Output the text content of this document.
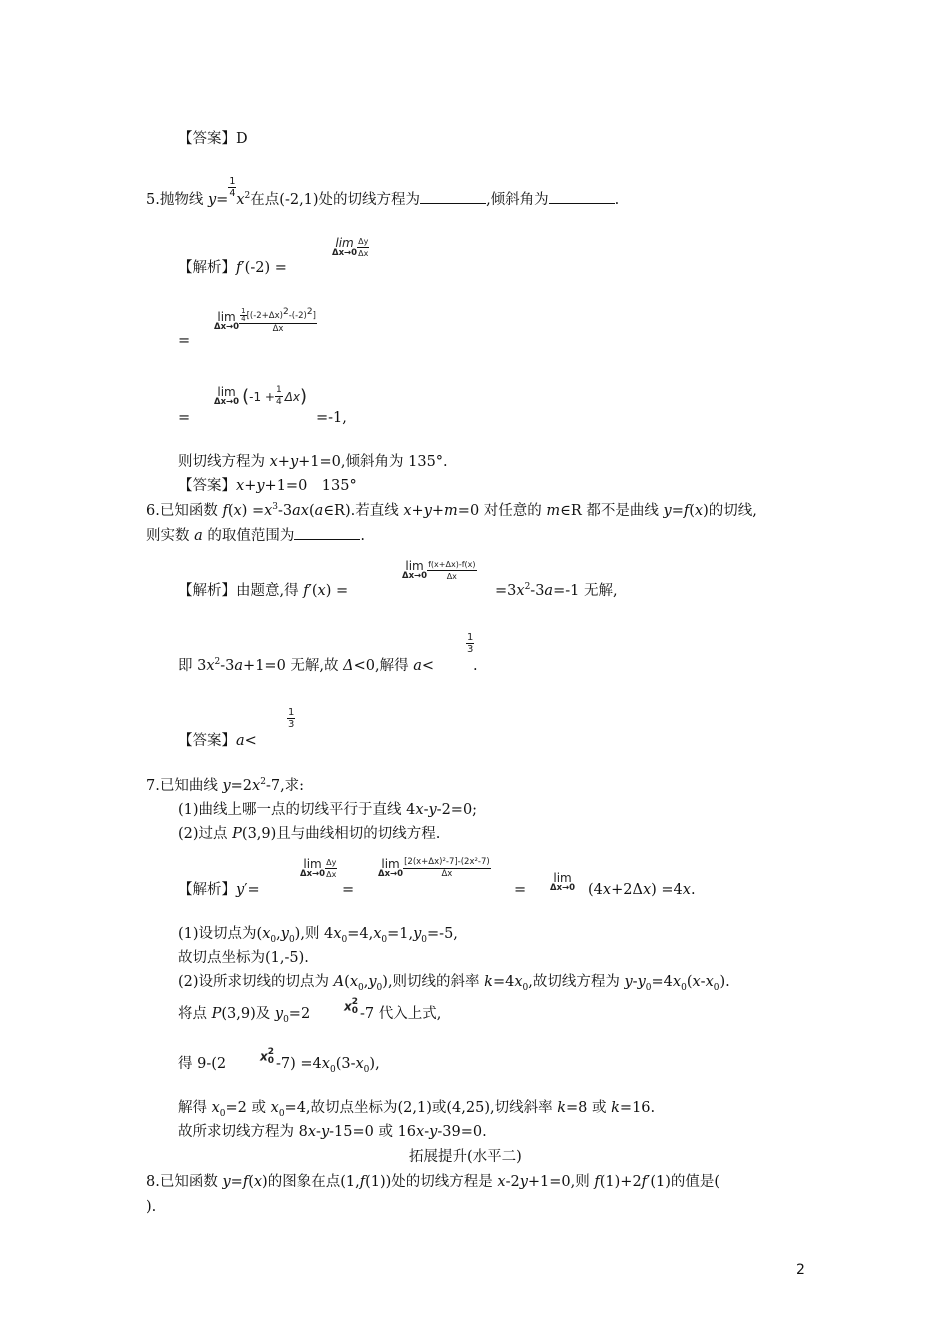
【答案】D
5.抛物线 y=
$\frac{1}{4}$
$x^2$在点(-2,1)处的切线方程为	,倾斜角为	.
【解析】f′(-2) =
lim
$\Delta x\to 0 \frac{\Delta y}{\Delta x}$
=
lim
$\Delta x\to 0 \frac{\frac{1}{4} [(-2+\Delta x)^2-(-2)^2]}{\Delta x}$
=
lim
Δx→0 ( $-1 + \frac{1}{4}$ Δx )
=-1,
则切线方程为 x+y+1=0,倾斜角为 135°.
【答案】x+y+1=0　135°
6.已知函数 $f(x) =x^3-3ax(a\in R)$.若直线 x+y+m=0 对任意的 m∈R 都不是曲线 y=f(x)的切线,
则实数 a 的取值范围为	.
【解析】由题意,得 f′(x) =
lim
$\Delta x\to 0 \frac{f(x+\Delta x)-f(x)}{\Delta x}$
$=3x^2-3a=-1$ 无解,
即 $3x^2-3a+1=0$ 无解,故 Δ<0,解得 a<
$\frac{1}{3}$
.
【答案】a<
$\frac{1}{3}$
7.已知曲线 $y=2x^2-7$,求:
(1)曲线上哪一点的切线平行于直线 4x-y-2=0;
(2)过点 P(3,9)且与曲线相切的切线方程.
【解析】y′=
lim
$\Delta x\to 0 \frac{\Delta y}{\Delta x}$
=
lim
$\Delta x\to 0 \frac{\text{[2(x+Δx)²-7]-(2x²-7)}}{\Delta x}$
=
lim
Δx→0 (4x+2Δx) =4x.
(1)设切点为$(x_0,y_0)$,则 $4x_0=4,x_0=1,y_0=-5$,
故切点坐标为(1,-5).
(2)设所求切线的切点为 $A(x_0,y_0)$,则切线的斜率 $k=4x_0$,故切线方程为 $y-y_0=4x_0(x-x_0)$.
将点 P(3,9)及 $y_0=2$	x 2
0 -7 代入上式,
得 9-(2	x 2
0 $-7) =4x_0(3-x_0)$,
解得 $x_0=2$ 或 $x_0=4$,故切点坐标为(2,1)或(4,25),切线斜率 k=8 或 k=16.
故所求切线方程为 8x-y-15=0 或 16x-y-39=0.
拓展提升(水平二)
8.已知函数 y=f(x)的图象在点(1,f(1))处的切线方程是 x-2y+1=0,则 f(1)+2f′(1)的值是(
).
2
